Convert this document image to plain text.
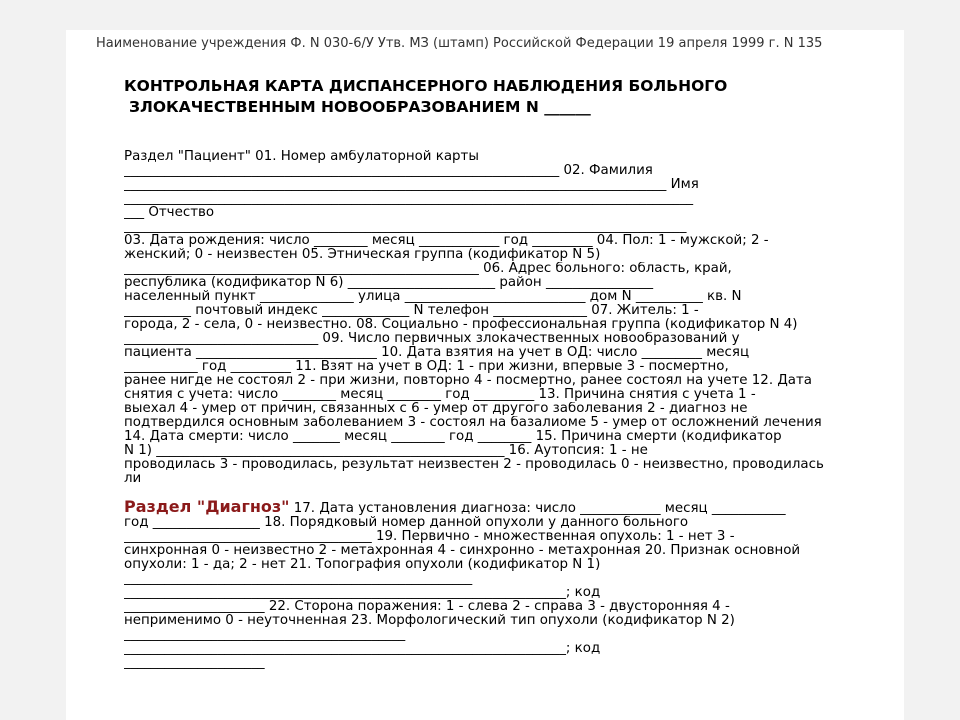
Наименование учреждения Ф. N 030-6/У Утв. МЗ (штамп) Российской Федерации 19 апреля 1999 г. N 135
КОНТРОЛЬНАЯ КАРТА ДИСПАНСЕРНОГО НАБЛЮДЕНИЯ БОЛЬНОГО
ЗЛОКАЧЕСТВЕННЫМ НОВООБРАЗОВАНИЕМ N ______

Раздел "Пациент" 01. Номер амбулаторной карты

_________________________________________________________________ 02. Фамилия

_________________________________________________________________________________ Имя

_____________________________________________________________________________________

___ Отчество

____________________________________________________________________________________

03. Дата рождения: число ________ месяц ____________ год _________ 04. Пол: 1 - мужской; 2 -

женский; 0 - неизвестен 05. Этническая группа (кодификатор N 5)

_____________________________________________________ 06. Адрес больного: область, край,

республика (кодификатор N 6) ______________________ район ________________

населенный пункт ______________ улица ___________________________ дом N __________ кв. N

__________ почтовый индекс _____________ N телефон ______________ 07. Житель: 1 -

города, 2 - села, 0 - неизвестно. 08. Социально - профессиональная группа (кодификатор N 4)

_____________________________ 09. Число первичных злокачественных новообразований у

пациента ___________________________ 10. Дата взятия на учет в ОД: число _________ месяц

___________ год _________ 11. Взят на учет в ОД: 1 - при жизни, впервые 3 - посмертно,

ранее нигде не состоял 2 - при жизни, повторно 4 - посмертно, ранее состоял на учете 12. Дата

снятия с учета: число ________ месяц ________ год _________ 13. Причина снятия с учета 1 -

выехал 4 - умер от причин, связанных с 6 - умер от другого заболевания 2 - диагноз не

подтвердился основным заболеванием 3 - состоял на базалиоме 5 - умер от осложнений лечения

14. Дата смерти: число _______ месяц ________ год ________ 15. Причина смерти (кодификатор

N 1) ____________________________________________________ 16. Аутопсия: 1 - не

проводилась 3 - проводилась, результат неизвестен 2 - проводилась 0 - неизвестно, проводилась

ли

Раздел "Диагноз" 17. Дата установления диагноза: число ____________ месяц ___________

год ________________ 18. Порядковый номер данной опухоли у данного больного

_____________________________________ 19. Первично - множественная опухоль: 1 - нет 3 -

синхронная 0 - неизвестно 2 - метахронная 4 - синхронно - метахронная 20. Признак основной

опухоли: 1 - да; 2 - нет 21. Топография опухоли (кодификатор N 1)

____________________________________________________

__________________________________________________________________; код

_____________________ 22. Сторона поражения: 1 - слева 2 - справа 3 - двусторонняя 4 -

неприменимо 0 - неуточненная 23. Морфологический тип опухоли (кодификатор N 2)

__________________________________________

__________________________________________________________________; код

_____________________
